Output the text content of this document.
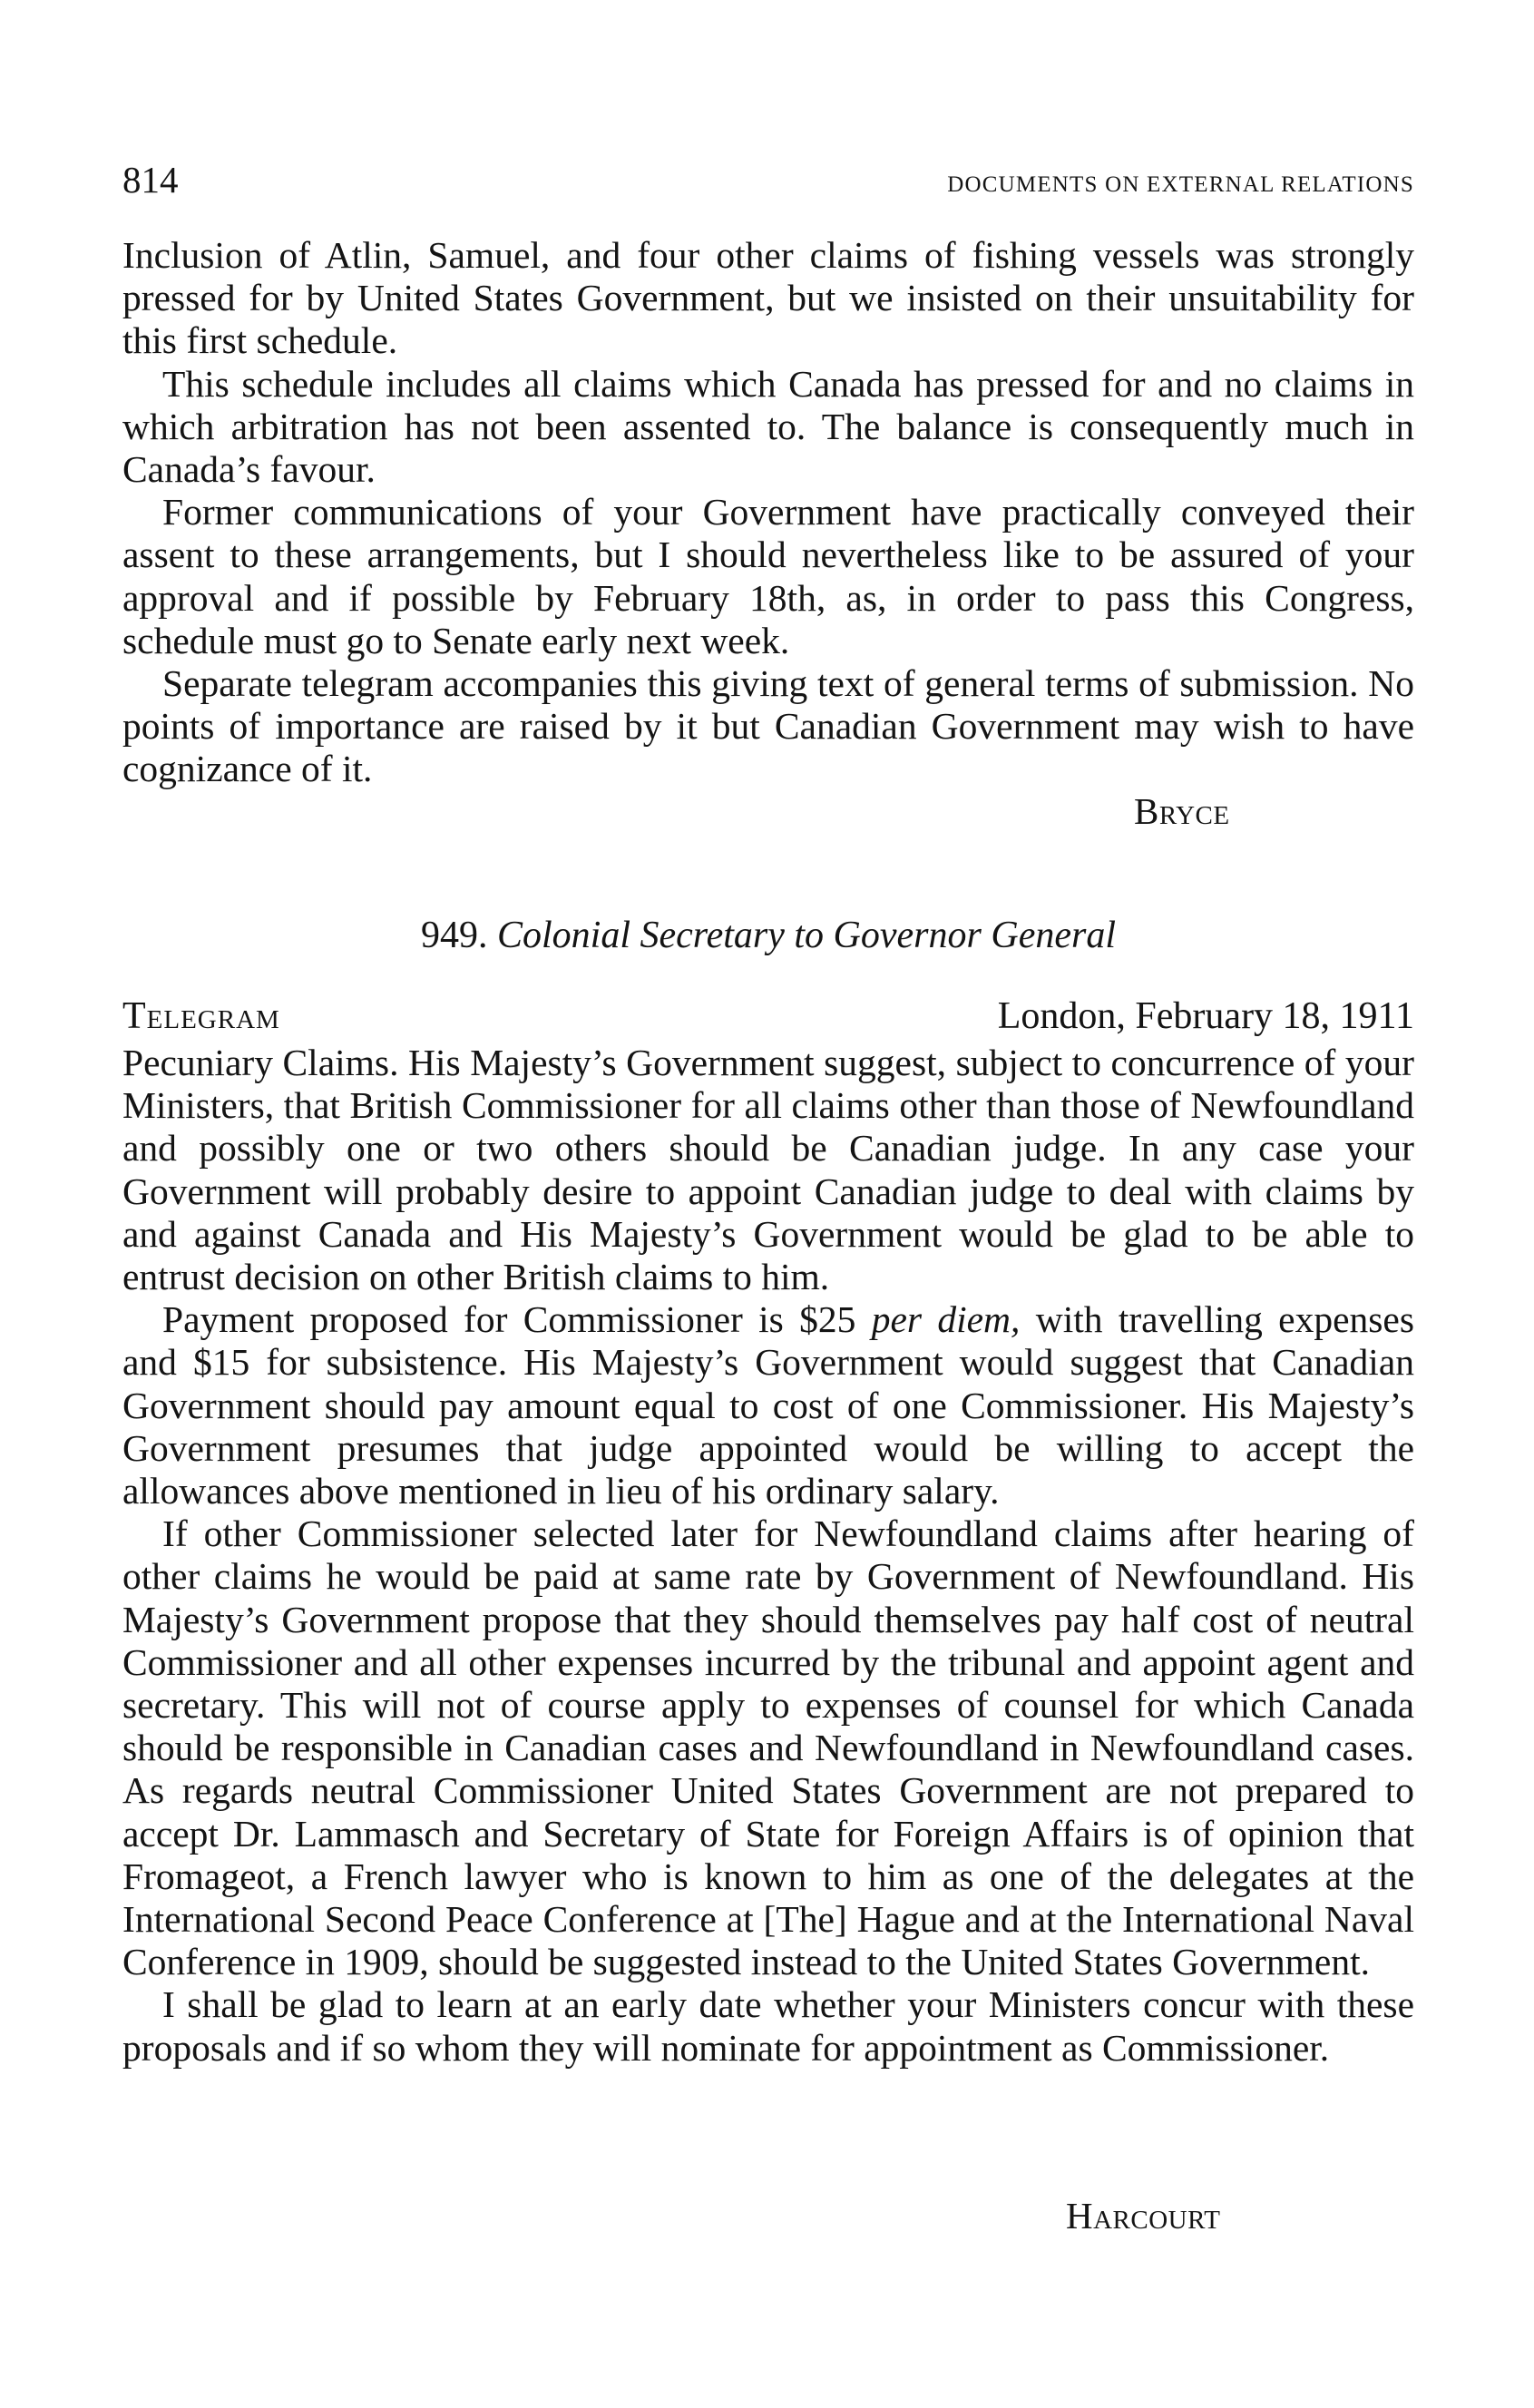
814	DOCUMENTS ON EXTERNAL RELATIONS

Inclusion of Atlin, Samuel, and four other claims of fishing vessels was strongly pressed for by United States Government, but we insisted on their unsuitability for this first schedule.

This schedule includes all claims which Canada has pressed for and no claims in which arbitration has not been assented to. The balance is consequently much in Canada’s favour.

Former communications of your Government have practically conveyed their assent to these arrangements, but I should nevertheless like to be assured of your approval and if possible by February 18th, as, in order to pass this Congress, schedule must go to Senate early next week.

Separate telegram accompanies this giving text of general terms of submission. No points of importance are raised by it but Canadian Government may wish to have cognizance of it.

Bryce
949. Colonial Secretary to Governor General
Telegram	London, February 18, 1911

Pecuniary Claims. His Majesty’s Government suggest, subject to concurrence of your Ministers, that British Commissioner for all claims other than those of Newfoundland and possibly one or two others should be Canadian judge. In any case your Government will probably desire to appoint Canadian judge to deal with claims by and against Canada and His Majesty’s Government would be glad to be able to entrust decision on other British claims to him.

Payment proposed for Commissioner is $25 per diem, with travelling expenses and $15 for subsistence. His Majesty’s Government would suggest that Canadian Government should pay amount equal to cost of one Commissioner. His Majesty’s Government presumes that judge appointed would be willing to accept the allowances above mentioned in lieu of his ordinary salary.

If other Commissioner selected later for Newfoundland claims after hearing of other claims he would be paid at same rate by Government of Newfoundland. His Majesty’s Government propose that they should themselves pay half cost of neutral Commissioner and all other expenses incurred by the tribunal and appoint agent and secretary. This will not of course apply to expenses of counsel for which Canada should be responsible in Canadian cases and Newfoundland in Newfoundland cases. As regards neutral Commissioner United States Government are not prepared to accept Dr. Lammasch and Secretary of State for Foreign Affairs is of opinion that Fromageot, a French lawyer who is known to him as one of the delegates at the International Second Peace Conference at [The] Hague and at the International Naval Conference in 1909, should be suggested instead to the United States Government.

I shall be glad to learn at an early date whether your Ministers concur with these proposals and if so whom they will nominate for appointment as Commissioner.

Harcourt
